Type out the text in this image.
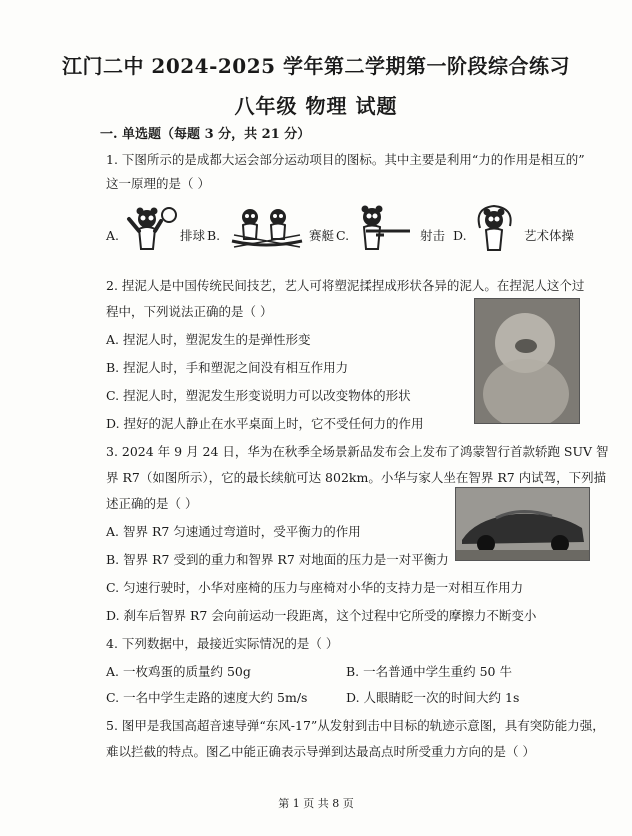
江门二中 2024-2025 学年第二学期第一阶段综合练习
八年级 物理 试题
一. 单选题（每题 3 分，共 21 分）
1. 下图所示的是成都大运会部分运动项目的图标。其中主要是利用“力的作用是相互的”
这一原理的是（ ）
A.	排球 B.	赛艇 C.	射击 D.	艺术体操
2. 捏泥人是中国传统民间技艺，艺人可将塑泥揉捏成形状各异的泥人。在捏泥人这个过
程中，下列说法正确的是（ ）
A. 捏泥人时，塑泥发生的是弹性形变
B. 捏泥人时，手和塑泥之间没有相互作用力
C. 捏泥人时，塑泥发生形变说明力可以改变物体的形状
D. 捏好的泥人静止在水平桌面上时，它不受任何力的作用
3. 2024 年 9 月 24 日，华为在秋季全场景新品发布会上发布了鸿蒙智行首款轿跑 SUV 智
界 R7（如图所示），它的最长续航可达 802km。小华与家人坐在智界 R7 内试驾，下列描
述正确的是（ ）
A. 智界 R7 匀速通过弯道时，受平衡力的作用
B. 智界 R7 受到的重力和智界 R7 对地面的压力是一对平衡力
C. 匀速行驶时，小华对座椅的压力与座椅对小华的支持力是一对相互作用力
D. 刹车后智界 R7 会向前运动一段距离，这个过程中它所受的摩擦力不断变小
4. 下列数据中，最接近实际情况的是（ ）
A. 一枚鸡蛋的质量约 50g	B. 一名普通中学生重约 50 牛
C. 一名中学生走路的速度大约 5m/s	D. 人眼睛眨一次的时间大约 1s
5. 图甲是我国高超音速导弹“东风-17”从发射到击中目标的轨迹示意图，具有突防能力强，
难以拦截的特点。图乙中能正确表示导弹到达最高点时所受重力方向的是（ ）
第 1 页 共 8 页
